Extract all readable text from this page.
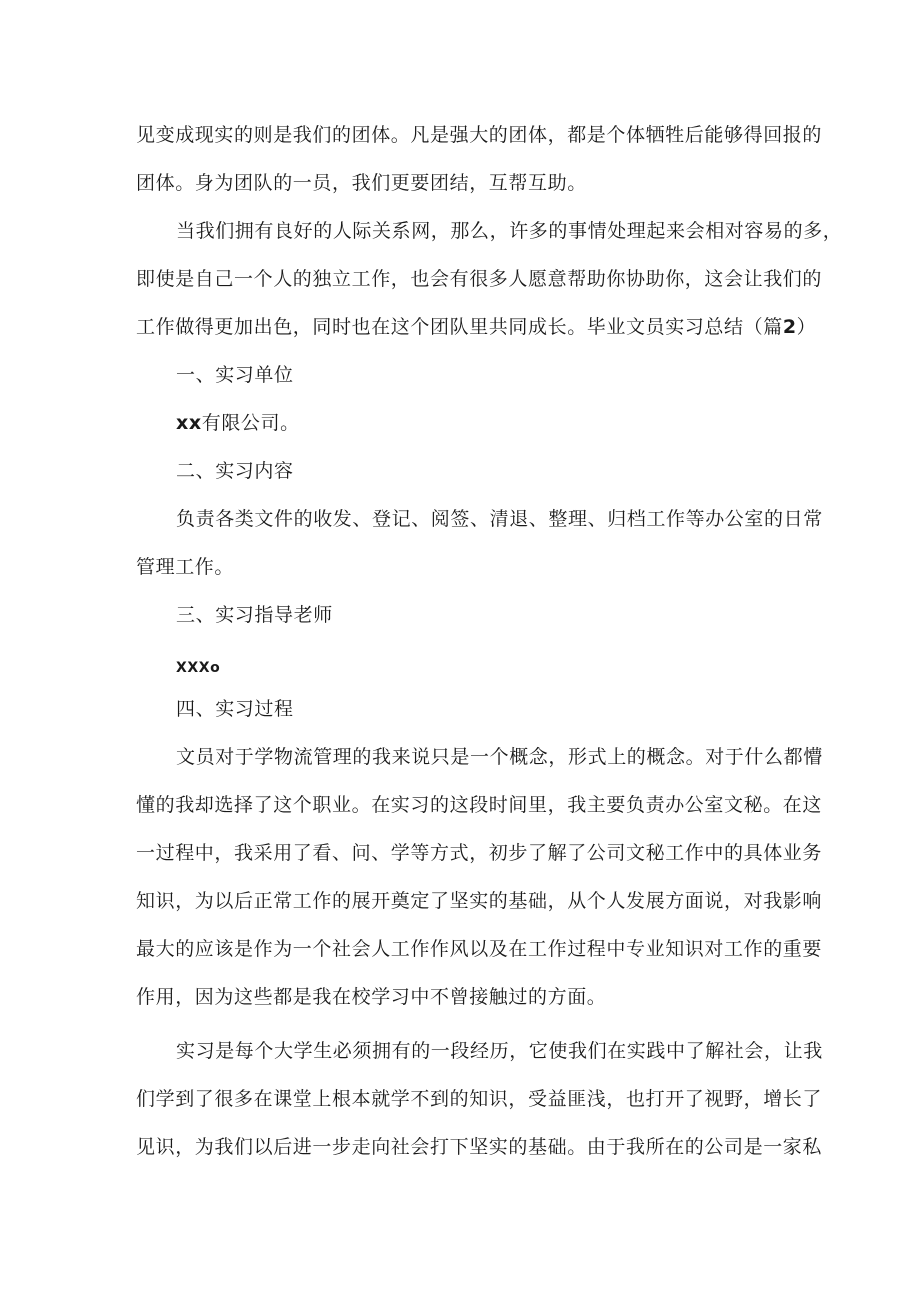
见变成现实的则是我们的团体。凡是强大的团体，都是个体牺牲后能够得回报的
团体。身为团队的一员，我们更要团结，互帮互助。
当我们拥有良好的人际关系网，那么，许多的事情处理起来会相对容易的多，
即使是自己一个人的独立工作，也会有很多人愿意帮助你协助你，这会让我们的
工作做得更加出色，同时也在这个团队里共同成长。毕业文员实习总结（篇2）
一、实习单位
xx有限公司。
二、实习内容
负责各类文件的收发、登记、阅签、清退、整理、归档工作等办公室的日常
管理工作。
三、实习指导老师
XXXo
四、实习过程
文员对于学物流管理的我来说只是一个概念，形式上的概念。对于什么都懵
懂的我却选择了这个职业。在实习的这段时间里，我主要负责办公室文秘。在这
一过程中，我采用了看、问、学等方式，初步了解了公司文秘工作中的具体业务
知识，为以后正常工作的展开奠定了坚实的基础，从个人发展方面说，对我影响
最大的应该是作为一个社会人工作作风以及在工作过程中专业知识对工作的重要
作用，因为这些都是我在校学习中不曾接触过的方面。
实习是每个大学生必须拥有的一段经历，它使我们在实践中了解社会，让我
们学到了很多在课堂上根本就学不到的知识，受益匪浅，也打开了视野，增长了
见识，为我们以后进一步走向社会打下坚实的基础。由于我所在的公司是一家私
